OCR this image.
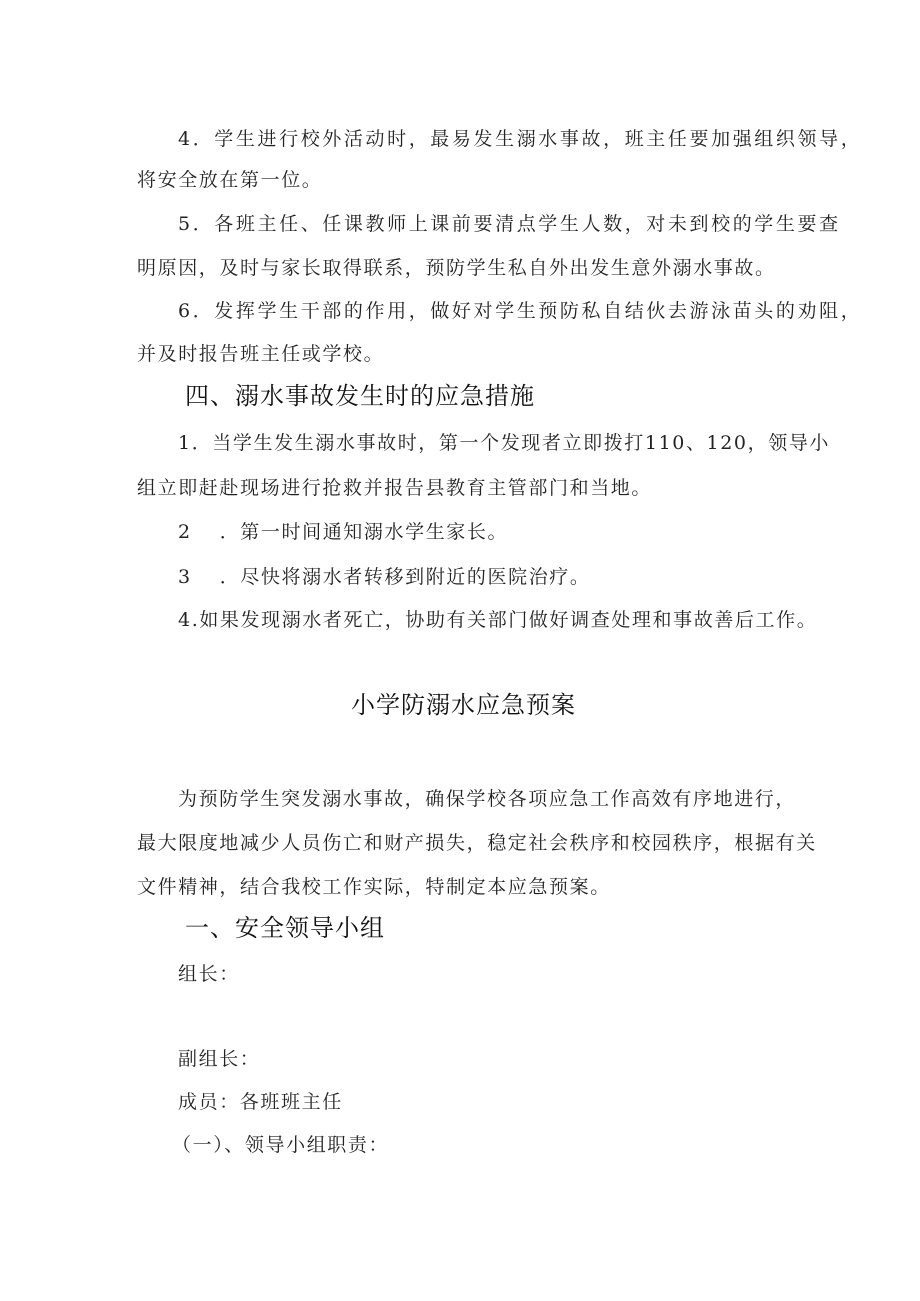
4．学生进行校外活动时，最易发生溺水事故，班主任要加强组织领导，
将安全放在第一位。
5．各班主任、任课教师上课前要清点学生人数，对未到校的学生要查
明原因，及时与家长取得联系，预防学生私自外出发生意外溺水事故。
6．发挥学生干部的作用，做好对学生预防私自结伙去游泳苗头的劝阻，
并及时报告班主任或学校。
四、溺水事故发生时的应急措施
1．当学生发生溺水事故时，第一个发现者立即拨打110、120，领导小
组立即赶赴现场进行抢救并报告县教育主管部门和当地。
2 ．第一时间通知溺水学生家长。
3 ．尽快将溺水者转移到附近的医院治疗。
4.如果发现溺水者死亡，协助有关部门做好调查处理和事故善后工作。
小学防溺水应急预案
为预防学生突发溺水事故，确保学校各项应急工作高效有序地进行，
最大限度地减少人员伤亡和财产损失，稳定社会秩序和校园秩序，根据有关
文件精神，结合我校工作实际，特制定本应急预案。
一、安全领导小组
组长：
副组长：
成员：各班班主任
（一）、领导小组职责：
